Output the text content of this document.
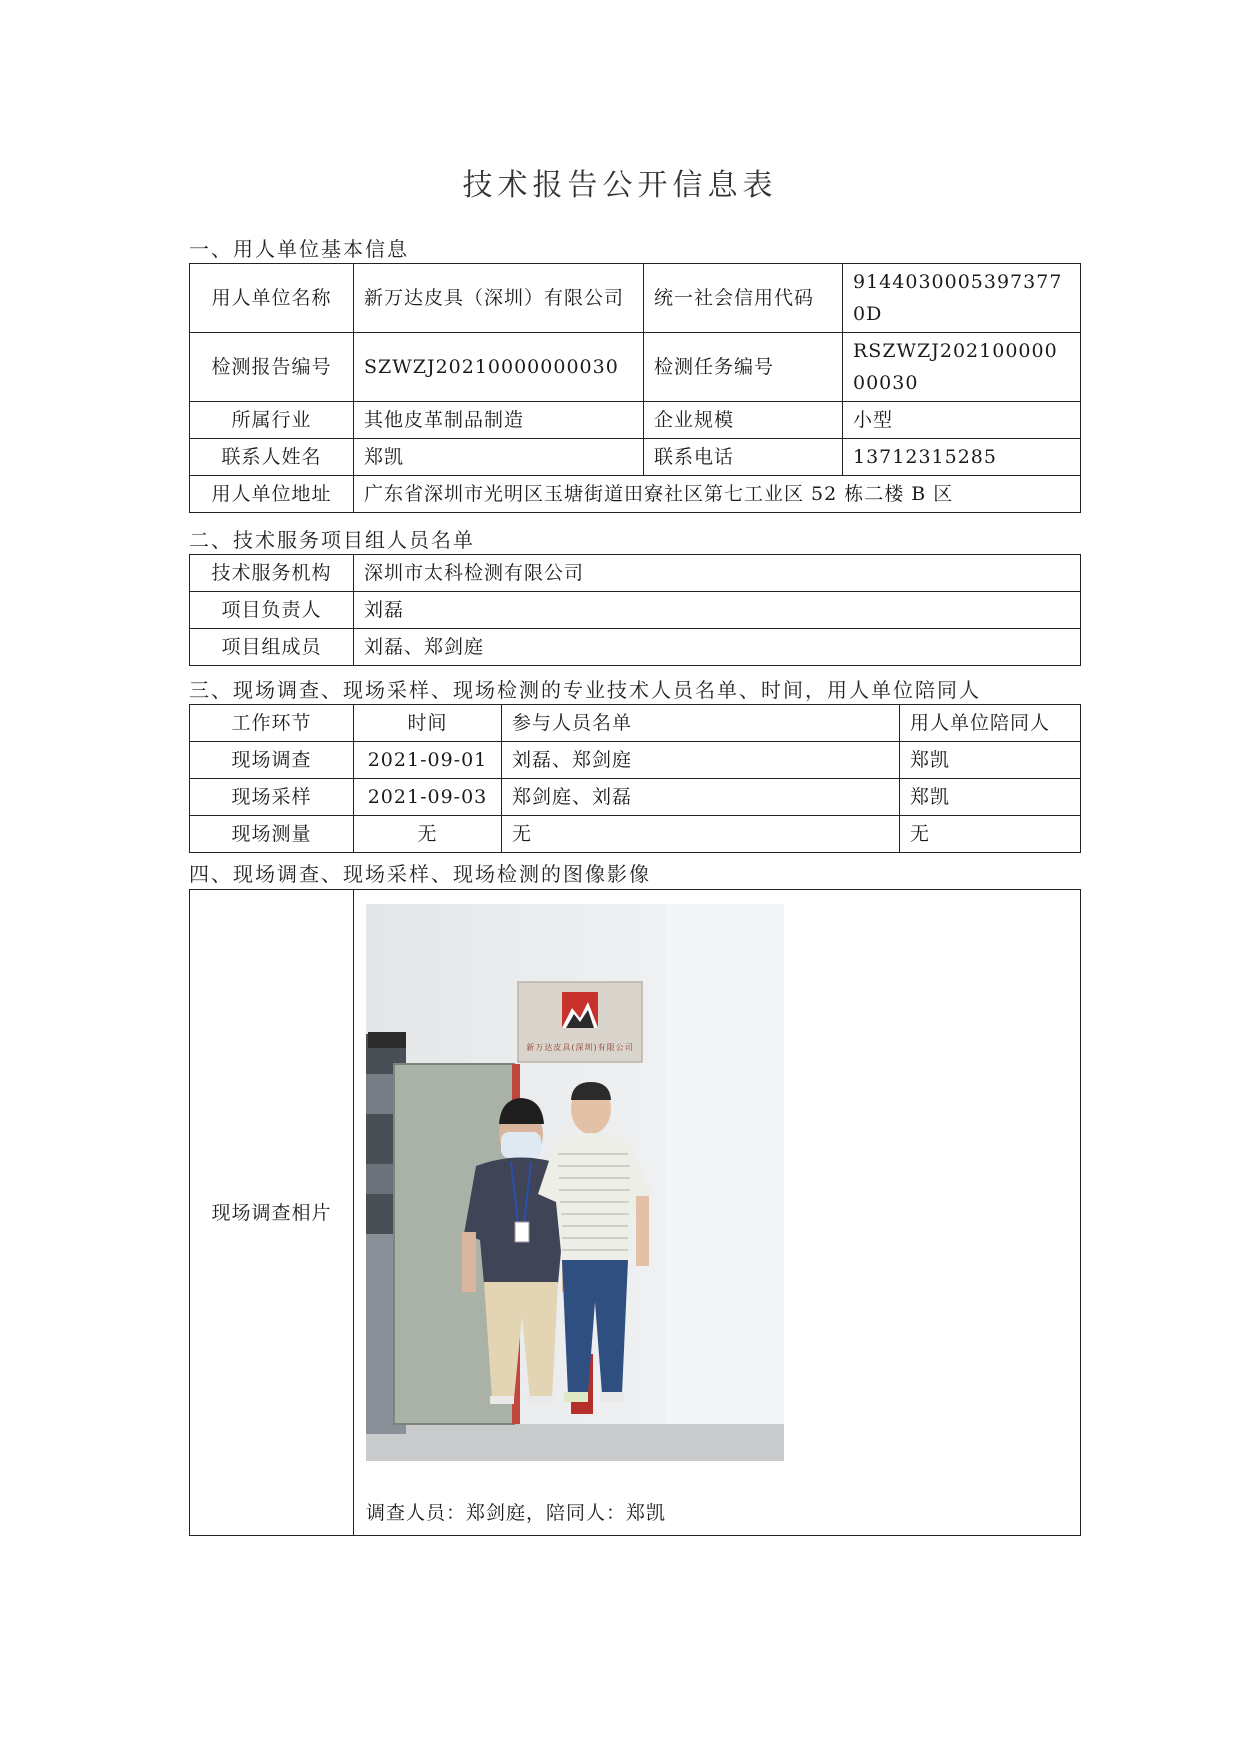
技术报告公开信息表
一、用人单位基本信息
用人单位名称	新万达皮具（深圳）有限公司	统一社会信用代码	91440300053973770D
检测报告编号	SZWZJ20210000000030	检测任务编号	RSZWZJ20210000000030
所属行业	其他皮革制品制造	企业规模	小型
联系人姓名	郑凯	联系电话	13712315285
用人单位地址	广东省深圳市光明区玉塘街道田寮社区第七工业区 52 栋二楼 B 区		
二、技术服务项目组人员名单
技术服务机构	深圳市太科检测有限公司
项目负责人	刘磊
项目组成员	刘磊、郑剑庭
三、现场调查、现场采样、现场检测的专业技术人员名单、时间，用人单位陪同人
工作环节	时间	参与人员名单	用人单位陪同人
现场调查	2021-09-01	刘磊、郑剑庭	郑凯
现场采样	2021-09-03	郑剑庭、刘磊	郑凯
现场测量	无	无	无
四、现场调查、现场采样、现场检测的图像影像
现场调查相片	
新万达皮具(深圳)有限公司
调查人员：郑剑庭，陪同人：郑凯
